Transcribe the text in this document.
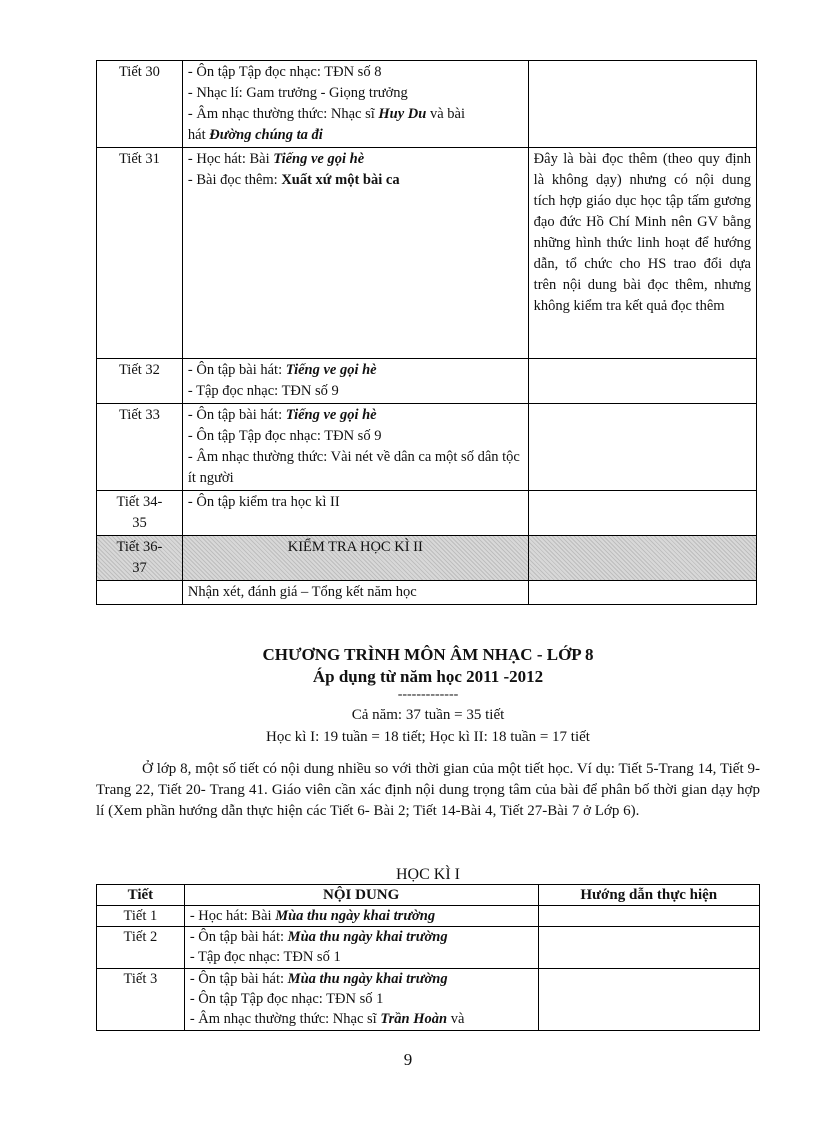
Tiết 30	- Ôn tập Tập đọc nhạc: TĐN số 8
- Nhạc lí: Gam trưởng - Giọng trưởng
- Âm nhạc thường thức: Nhạc sĩ Huy Du và bài
hát Đường chúng ta đi	

Tiết 31	- Học hát: Bài Tiếng ve gọi hè
- Bài đọc thêm: Xuất xứ một bài ca	Đây là bài đọc thêm (theo quy định là không dạy) nhưng có nội dung tích hợp giáo dục học tập tấm gương đạo đức Hồ Chí Minh nên GV bằng những hình thức linh hoạt để hướng dẫn, tổ chức cho HS trao đổi dựa trên nội dung bài đọc thêm, nhưng không kiểm tra kết quả đọc thêm
Tiết 32	- Ôn tập bài hát: Tiếng ve gọi hè
- Tập đọc nhạc: TĐN số 9	

Tiết 33	- Ôn tập bài hát: Tiếng ve gọi hè
- Ôn tập Tập đọc nhạc: TĐN số 9
- Âm nhạc thường thức: Vài nét về dân ca một số dân tộc ít người	

Tiết 34-
35	- Ôn tập kiểm tra học kì II	

Tiết 36-
37	KIỂM TRA HỌC KÌ II	
	Nhận xét, đánh giá – Tổng kết năm học	
CHƯƠNG TRÌNH MÔN ÂM NHẠC - LỚP 8
Áp dụng từ năm học 2011 -2012
-------------
Cả năm: 37 tuần = 35 tiết
Học kì I: 19 tuần = 18 tiết; Học kì II: 18 tuần = 17 tiết
Ở lớp 8, một số tiết có nội dung nhiều so với thời gian của một tiết học. Ví dụ: Tiết 5-Trang 14, Tiết 9- Trang 22, Tiết 20- Trang 41. Giáo viên cần xác định nội dung trọng tâm của bài để phân bố thời gian dạy hợp lí (Xem phần hướng dẫn thực hiện các Tiết 6- Bài 2; Tiết 14-Bài 4, Tiết 27-Bài 7 ở Lớp 6).
HỌC KÌ I
Tiết	NỘI DUNG	Hướng dẫn thực hiện
Tiết 1	- Học hát: Bài Mùa thu ngày khai trường	

Tiết 2	- Ôn tập bài hát: Mùa thu ngày khai trường
- Tập đọc nhạc: TĐN số 1	

Tiết 3	- Ôn tập bài hát: Mùa thu ngày khai trường
- Ôn tập Tập đọc nhạc: TĐN số 1
- Âm nhạc thường thức: Nhạc sĩ Trần Hoàn và	

9
